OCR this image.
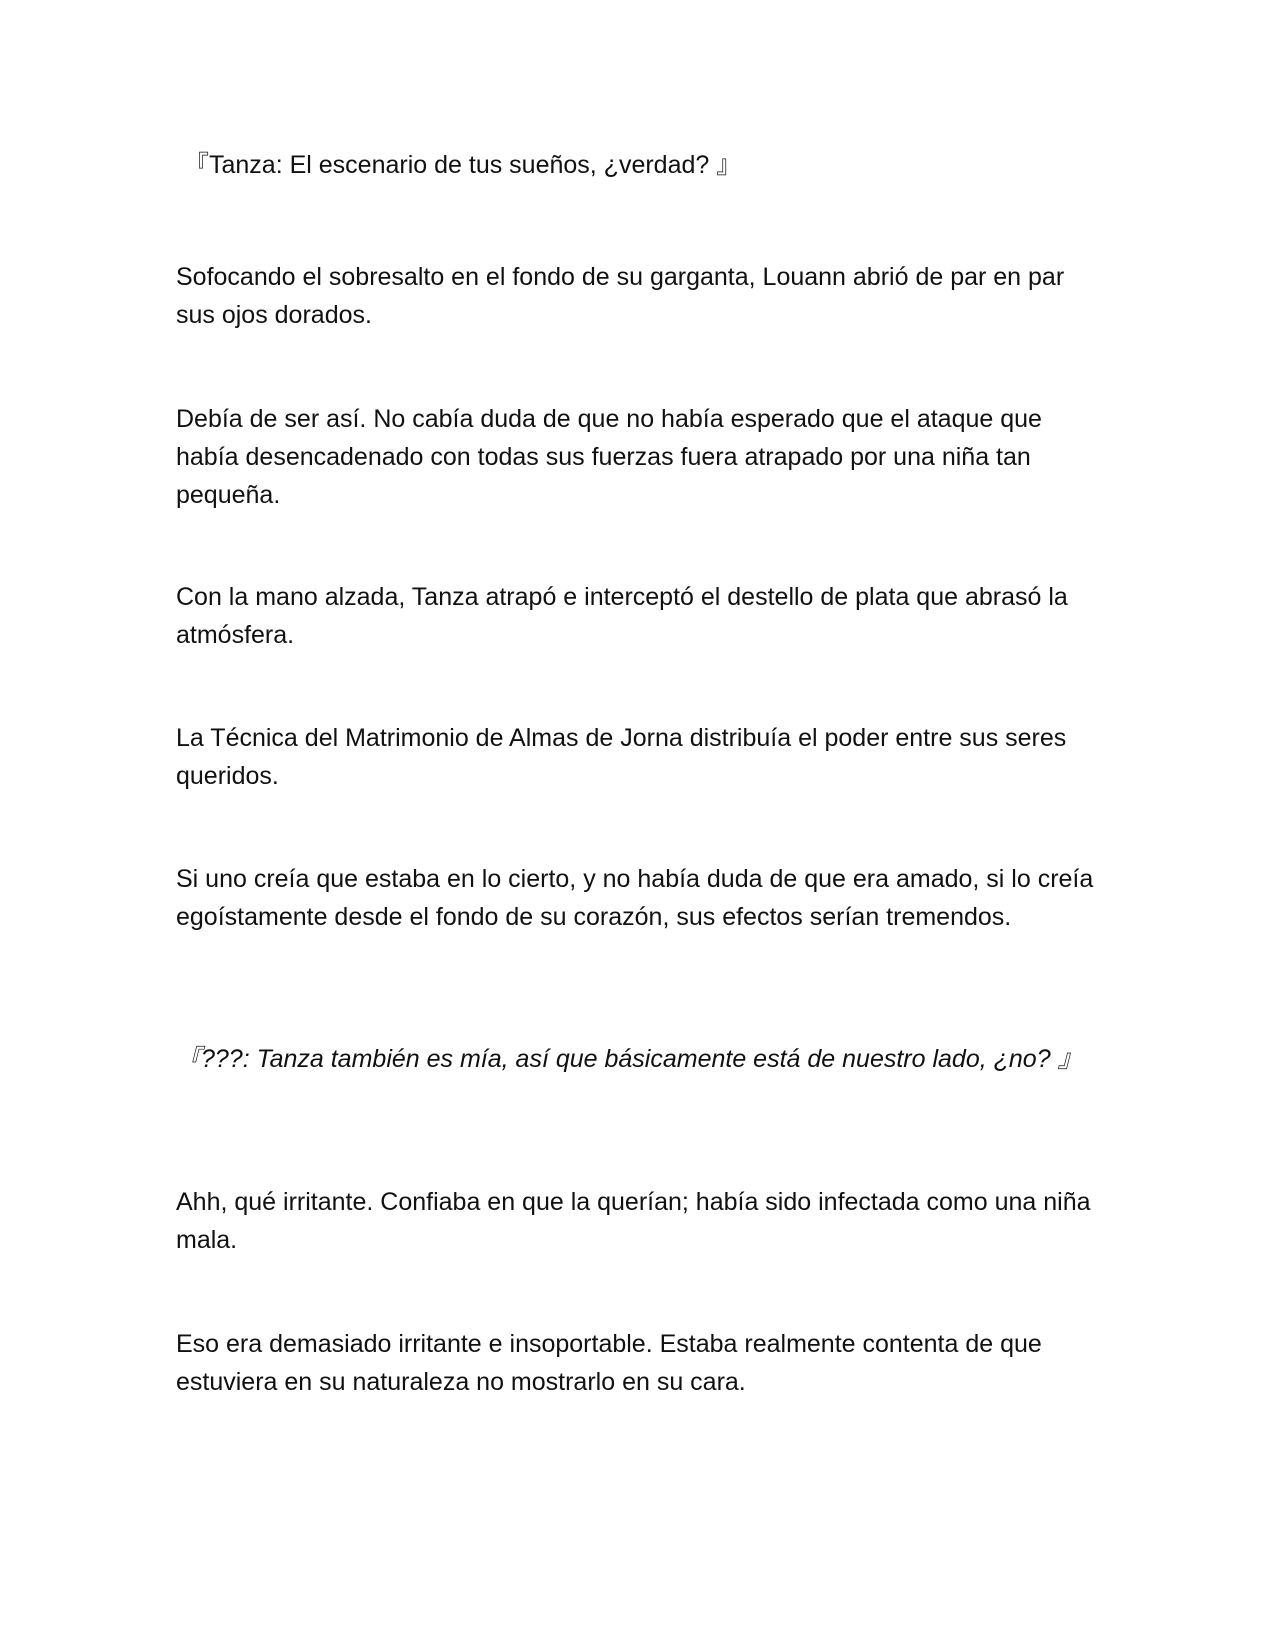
『Tanza: El escenario de tus sueños, ¿verdad? 』

Sofocando el sobresalto en el fondo de su garganta, Louann abrió de par en par sus ojos dorados.

Debía de ser así. No cabía duda de que no había esperado que el ataque que había desencadenado con todas sus fuerzas fuera atrapado por una niña tan pequeña.

Con la mano alzada, Tanza atrapó e interceptó el destello de plata que abrasó la atmósfera.

La Técnica del Matrimonio de Almas de Jorna distribuía el poder entre sus seres queridos.

Si uno creía que estaba en lo cierto, y no había duda de que era amado, si lo creía egoístamente desde el fondo de su corazón, sus efectos serían tremendos.

『???: Tanza también es mía, así que básicamente está de nuestro lado, ¿no? 』

Ahh, qué irritante. Confiaba en que la querían; había sido infectada como una niña mala.

Eso era demasiado irritante e insoportable. Estaba realmente contenta de que estuviera en su naturaleza no mostrarlo en su cara.
